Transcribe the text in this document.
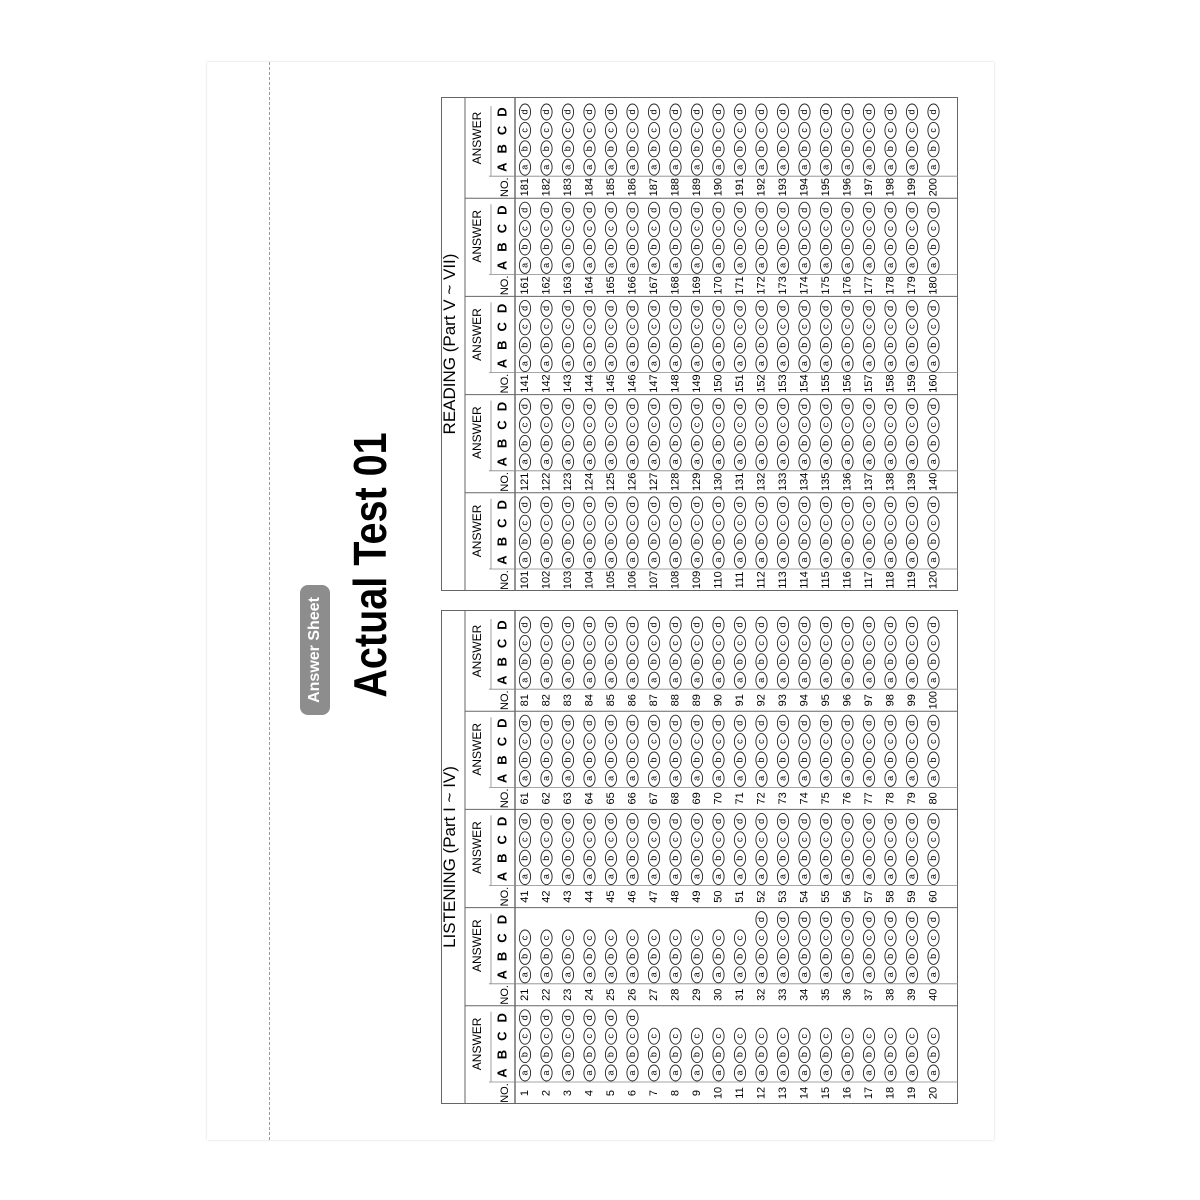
Answer Sheet Actual Test 01
LISTENING (Part I ~ IV)
NO.
ANSWER
A
B
C
D
1
a
b
c
d
2
a
b
c
d
3
a
b
c
d
4
a
b
c
d
5
a
b
c
d
6
a
b
c
d
7
a
b
c
8
a
b
c
9
a
b
c
10
a
b
c
11
a
b
c
12
a
b
c
13
a
b
c
14
a
b
c
15
a
b
c
16
a
b
c
17
a
b
c
18
a
b
c
19
a
b
c
20
a
b
c
NO.
ANSWER
A
B
C
D
21
a
b
c
22
a
b
c
23
a
b
c
24
a
b
c
25
a
b
c
26
a
b
c
27
a
b
c
28
a
b
c
29
a
b
c
30
a
b
c
31
a
b
c
32
a
b
c
d
33
a
b
c
d
34
a
b
c
d
35
a
b
c
d
36
a
b
c
d
37
a
b
c
d
38
a
b
c
d
39
a
b
c
d
40
a
b
c
d
NO.
ANSWER
A
B
C
D
41
a
b
c
d
42
a
b
c
d
43
a
b
c
d
44
a
b
c
d
45
a
b
c
d
46
a
b
c
d
47
a
b
c
d
48
a
b
c
d
49
a
b
c
d
50
a
b
c
d
51
a
b
c
d
52
a
b
c
d
53
a
b
c
d
54
a
b
c
d
55
a
b
c
d
56
a
b
c
d
57
a
b
c
d
58
a
b
c
d
59
a
b
c
d
60
a
b
c
d
NO.
ANSWER
A
B
C
D
61
a
b
c
d
62
a
b
c
d
63
a
b
c
d
64
a
b
c
d
65
a
b
c
d
66
a
b
c
d
67
a
b
c
d
68
a
b
c
d
69
a
b
c
d
70
a
b
c
d
71
a
b
c
d
72
a
b
c
d
73
a
b
c
d
74
a
b
c
d
75
a
b
c
d
76
a
b
c
d
77
a
b
c
d
78
a
b
c
d
79
a
b
c
d
80
a
b
c
d
NO.
ANSWER
A
B
C
D
81
a
b
c
d
82
a
b
c
d
83
a
b
c
d
84
a
b
c
d
85
a
b
c
d
86
a
b
c
d
87
a
b
c
d
88
a
b
c
d
89
a
b
c
d
90
a
b
c
d
91
a
b
c
d
92
a
b
c
d
93
a
b
c
d
94
a
b
c
d
95
a
b
c
d
96
a
b
c
d
97
a
b
c
d
98
a
b
c
d
99
a
b
c
d
100
a
b
c
d
READING (Part V ~ VII)
NO.
ANSWER
A
B
C
D
101
a
b
c
d
102
a
b
c
d
103
a
b
c
d
104
a
b
c
d
105
a
b
c
d
106
a
b
c
d
107
a
b
c
d
108
a
b
c
d
109
a
b
c
d
110
a
b
c
d
111
a
b
c
d
112
a
b
c
d
113
a
b
c
d
114
a
b
c
d
115
a
b
c
d
116
a
b
c
d
117
a
b
c
d
118
a
b
c
d
119
a
b
c
d
120
a
b
c
d
NO.
ANSWER
A
B
C
D
121
a
b
c
d
122
a
b
c
d
123
a
b
c
d
124
a
b
c
d
125
a
b
c
d
126
a
b
c
d
127
a
b
c
d
128
a
b
c
d
129
a
b
c
d
130
a
b
c
d
131
a
b
c
d
132
a
b
c
d
133
a
b
c
d
134
a
b
c
d
135
a
b
c
d
136
a
b
c
d
137
a
b
c
d
138
a
b
c
d
139
a
b
c
d
140
a
b
c
d
NO.
ANSWER
A
B
C
D
141
a
b
c
d
142
a
b
c
d
143
a
b
c
d
144
a
b
c
d
145
a
b
c
d
146
a
b
c
d
147
a
b
c
d
148
a
b
c
d
149
a
b
c
d
150
a
b
c
d
151
a
b
c
d
152
a
b
c
d
153
a
b
c
d
154
a
b
c
d
155
a
b
c
d
156
a
b
c
d
157
a
b
c
d
158
a
b
c
d
159
a
b
c
d
160
a
b
c
d
NO.
ANSWER
A
B
C
D
161
a
b
c
d
162
a
b
c
d
163
a
b
c
d
164
a
b
c
d
165
a
b
c
d
166
a
b
c
d
167
a
b
c
d
168
a
b
c
d
169
a
b
c
d
170
a
b
c
d
171
a
b
c
d
172
a
b
c
d
173
a
b
c
d
174
a
b
c
d
175
a
b
c
d
176
a
b
c
d
177
a
b
c
d
178
a
b
c
d
179
a
b
c
d
180
a
b
c
d
NO.
ANSWER
A
B
C
D
181
a
b
c
d
182
a
b
c
d
183
a
b
c
d
184
a
b
c
d
185
a
b
c
d
186
a
b
c
d
187
a
b
c
d
188
a
b
c
d
189
a
b
c
d
190
a
b
c
d
191
a
b
c
d
192
a
b
c
d
193
a
b
c
d
194
a
b
c
d
195
a
b
c
d
196
a
b
c
d
197
a
b
c
d
198
a
b
c
d
199
a
b
c
d
200
a
b
c
d
